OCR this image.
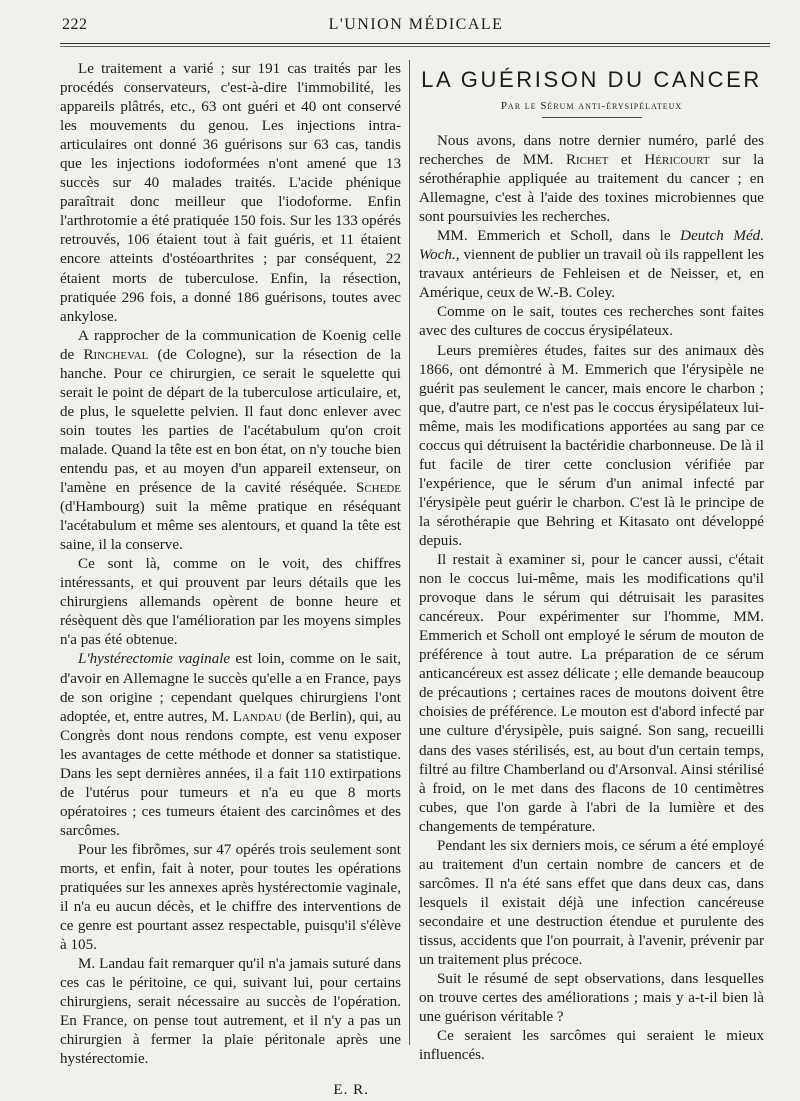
222	L'UNION MÉDICALE

Le traitement a varié ; sur 191 cas traités par les procédés conservateurs, c'est-à-dire l'immobilité, les appareils plâtrés, etc., 63 ont guéri et 40 ont conservé les mouvements du genou. Les injections intra-articulaires ont donné 36 guérisons sur 63 cas, tandis que les injections iodoformées n'ont amené que 13 succès sur 40 malades traités. L'acide phénique paraîtrait donc meilleur que l'iodoforme. Enfin l'arthrotomie a été pratiquée 150 fois. Sur les 133 opérés retrouvés, 106 étaient tout à fait guéris, et 11 étaient encore atteints d'ostéoarthrites ; par conséquent, 22 étaient morts de tuberculose. Enfin, la résection, pratiquée 296 fois, a donné 186 guérisons, toutes avec ankylose.

A rapprocher de la communication de Koenig celle de Rincheval (de Cologne), sur la résection de la hanche. Pour ce chirurgien, ce serait le squelette qui serait le point de départ de la tuberculose articulaire, et, de plus, le squelette pelvien. Il faut donc enlever avec soin toutes les parties de l'acétabulum qu'on croit malade. Quand la tête est en bon état, on n'y touche bien entendu pas, et au moyen d'un appareil extenseur, on l'amène en présence de la cavité réséquée. Schede (d'Hambourg) suit la même pratique en réséquant l'acétabulum et même ses alentours, et quand la tête est saine, il la conserve.

Ce sont là, comme on le voit, des chiffres intéressants, et qui prouvent par leurs détails que les chirurgiens allemands opèrent de bonne heure et résèquent dès que l'amélioration par les moyens simples n'a pas été obtenue.

L'hystérectomie vaginale est loin, comme on le sait, d'avoir en Allemagne le succès qu'elle a en France, pays de son origine ; cependant quelques chirurgiens l'ont adoptée, et, entre autres, M. Landau (de Berlin), qui, au Congrès dont nous rendons compte, est venu exposer les avantages de cette méthode et donner sa statistique. Dans les sept dernières années, il a fait 110 extirpations de l'utérus pour tumeurs et n'a eu que 8 morts opératoires ; ces tumeurs étaient des carcinômes et des sarcômes.

Pour les fibrômes, sur 47 opérés trois seulement sont morts, et enfin, fait à noter, pour toutes les opérations pratiquées sur les annexes après hystérectomie vaginale, il n'a eu aucun décès, et le chiffre des interventions de ce genre est pourtant assez respectable, puisqu'il s'élève à 105.

M. Landau fait remarquer qu'il n'a jamais suturé dans ces cas le péritoine, ce qui, suivant lui, pour certains chirurgiens, serait nécessaire au succès de l'opération. En France, on pense tout autrement, et il n'y a pas un chirurgien à fermer la plaie péritonale après une hystérectomie.

E. R.

LA GUÉRISON DU CANCER
Par le Sérum anti-érysipélateux

Nous avons, dans notre dernier numéro, parlé des recherches de MM. Richet et Héricourt sur la sérothéraphie appliquée au traitement du cancer ; en Allemagne, c'est à l'aide des toxines microbiennes que sont poursuivies les recherches.

MM. Emmerich et Scholl, dans le Deutch Méd. Woch., viennent de publier un travail où ils rappellent les travaux antérieurs de Fehleisen et de Neisser, et, en Amérique, ceux de W.-B. Coley.

Comme on le sait, toutes ces recherches sont faites avec des cultures de coccus érysipélateux.

Leurs premières études, faites sur des animaux dès 1866, ont démontré à M. Emmerich que l'érysipèle ne guérit pas seulement le cancer, mais encore le charbon ; que, d'autre part, ce n'est pas le coccus érysipélateux lui-même, mais les modifications apportées au sang par ce coccus qui détruisent la bactéridie charbonneuse. De là il fut facile de tirer cette conclusion vérifiée par l'expérience, que le sérum d'un animal infecté par l'érysipèle peut guérir le charbon. C'est là le principe de la sérothérapie que Behring et Kitasato ont développé depuis.

Il restait à examiner si, pour le cancer aussi, c'était non le coccus lui-même, mais les modifications qu'il provoque dans le sérum qui détruisait les parasites cancéreux. Pour expérimenter sur l'homme, MM. Emmerich et Scholl ont employé le sérum de mouton de préférence à tout autre. La préparation de ce sérum anticancéreux est assez délicate ; elle demande beaucoup de précautions ; certaines races de moutons doivent être choisies de préférence. Le mouton est d'abord infecté par une culture d'érysipèle, puis saigné. Son sang, recueilli dans des vases stérilisés, est, au bout d'un certain temps, filtré au filtre Chamberland ou d'Arsonval. Ainsi stérilisé à froid, on le met dans des flacons de 10 centimètres cubes, que l'on garde à l'abri de la lumière et des changements de température.

Pendant les six derniers mois, ce sérum a été employé au traitement d'un certain nombre de cancers et de sarcômes. Il n'a été sans effet que dans deux cas, dans lesquels il existait déjà une infection cancéreuse secondaire et une destruction étendue et purulente des tissus, accidents que l'on pourrait, à l'avenir, prévenir par un traitement plus précoce.

Suit le résumé de sept observations, dans lesquelles on trouve certes des améliorations ; mais y a-t-il bien là une guérison véritable ?

Ce seraient les sarcômes qui seraient le mieux influencés.
